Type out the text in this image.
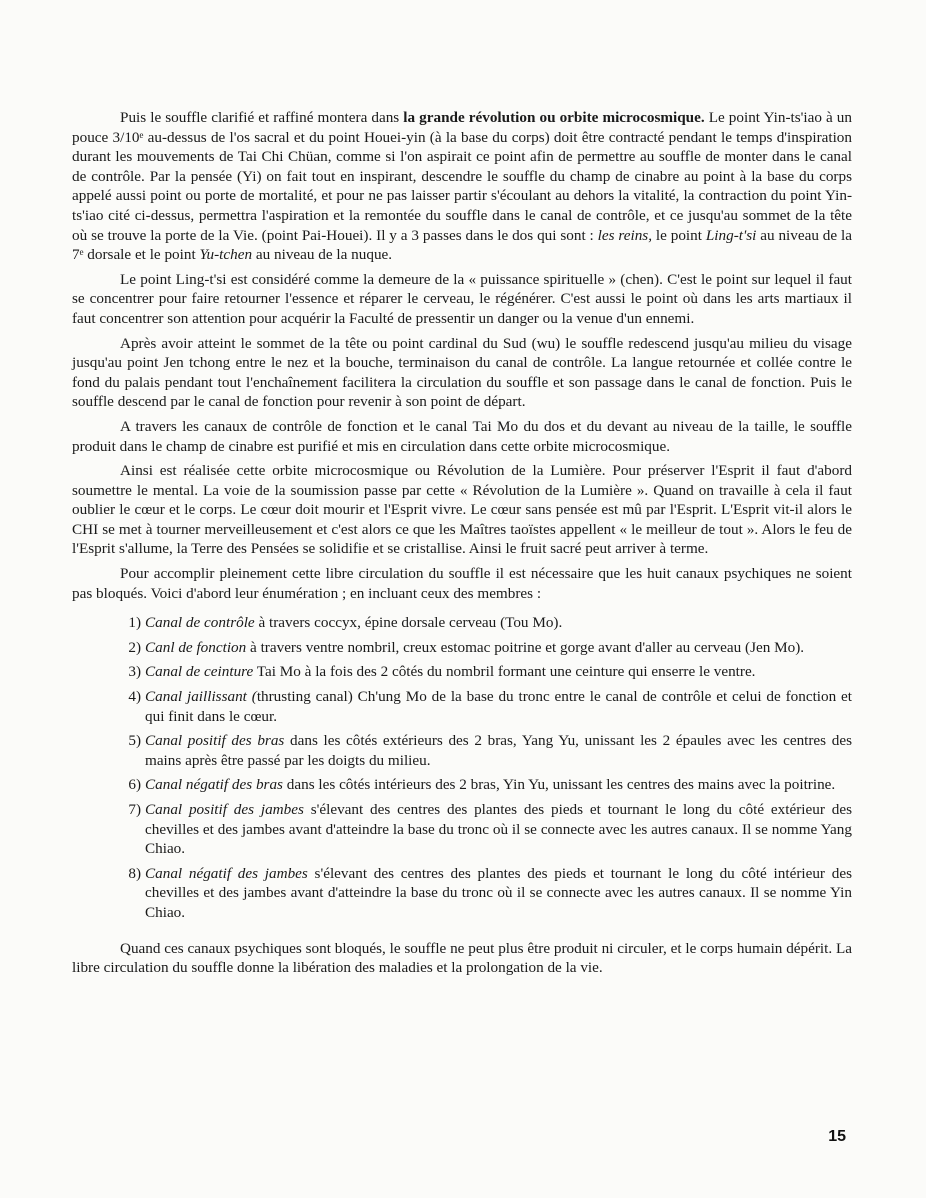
Puis le souffle clarifié et raffiné montera dans la grande révolution ou orbite microcosmique. Le point Yin-ts'iao à un pouce 3/10ᵉ au-dessus de l'os sacral et du point Houei-yin (à la base du corps) doit être contracté pendant le temps d'inspiration durant les mouvements de Tai Chi Chüan, comme si l'on aspirait ce point afin de permettre au souffle de monter dans le canal de contrôle. Par la pensée (Yi) on fait tout en inspirant, descendre le souffle du champ de cinabre au point à la base du corps appelé aussi point ou porte de mortalité, et pour ne pas laisser partir s'écoulant au dehors la vitalité, la contraction du point Yin-ts'iao cité ci-dessus, permettra l'aspiration et la remontée du souffle dans le canal de contrôle, et ce jusqu'au sommet de la tête où se trouve la porte de la Vie. (point Pai-Houei). Il y a 3 passes dans le dos qui sont : les reins, le point Ling-t'si au niveau de la 7ᵉ dorsale et le point Yu-tchen au niveau de la nuque.

Le point Ling-t'si est considéré comme la demeure de la « puissance spirituelle » (chen). C'est le point sur lequel il faut se concentrer pour faire retourner l'essence et réparer le cerveau, le régénérer. C'est aussi le point où dans les arts martiaux il faut concentrer son attention pour acquérir la Faculté de pressentir un danger ou la venue d'un ennemi.

Après avoir atteint le sommet de la tête ou point cardinal du Sud (wu) le souffle redescend jusqu'au milieu du visage jusqu'au point Jen tchong entre le nez et la bouche, terminaison du canal de contrôle. La langue retournée et collée contre le fond du palais pendant tout l'enchaînement facilitera la circulation du souffle et son passage dans le canal de fonction. Puis le souffle descend par le canal de fonction pour revenir à son point de départ.

A travers les canaux de contrôle de fonction et le canal Tai Mo du dos et du devant au niveau de la taille, le souffle produit dans le champ de cinabre est purifié et mis en circulation dans cette orbite microcosmique.

Ainsi est réalisée cette orbite microcosmique ou Révolution de la Lumière. Pour préserver l'Esprit il faut d'abord soumettre le mental. La voie de la soumission passe par cette « Révolution de la Lumière ». Quand on travaille à cela il faut oublier le cœur et le corps. Le cœur doit mourir et l'Esprit vivre. Le cœur sans pensée est mû par l'Esprit. L'Esprit vit-il alors le CHI se met à tourner merveilleusement et c'est alors ce que les Maîtres taoïstes appellent « le meilleur de tout ». Alors le feu de l'Esprit s'allume, la Terre des Pensées se solidifie et se cristallise. Ainsi le fruit sacré peut arriver à terme.

Pour accomplir pleinement cette libre circulation du souffle il est nécessaire que les huit canaux psychiques ne soient pas bloqués. Voici d'abord leur énumération ; en incluant ceux des membres :

1) Canal de contrôle à travers coccyx, épine dorsale cerveau (Tou Mo).
2) Canl de fonction à travers ventre nombril, creux estomac poitrine et gorge avant d'aller au cerveau (Jen Mo).
3) Canal de ceinture Tai Mo à la fois des 2 côtés du nombril formant une ceinture qui enserre le ventre.
4) Canal jaillissant (thrusting canal) Ch'ung Mo de la base du tronc entre le canal de contrôle et celui de fonction et qui finit dans le cœur.
5) Canal positif des bras dans les côtés extérieurs des 2 bras, Yang Yu, unissant les 2 épaules avec les centres des mains après être passé par les doigts du milieu.
6) Canal négatif des bras dans les côtés intérieurs des 2 bras, Yin Yu, unissant les centres des mains avec la poitrine.
7) Canal positif des jambes s'élevant des centres des plantes des pieds et tournant le long du côté extérieur des chevilles et des jambes avant d'atteindre la base du tronc où il se connecte avec les autres canaux. Il se nomme Yang Chiao.
8) Canal négatif des jambes s'élevant des centres des plantes des pieds et tournant le long du côté intérieur des chevilles et des jambes avant d'atteindre la base du tronc où il se connecte avec les autres canaux. Il se nomme Yin Chiao.

Quand ces canaux psychiques sont bloqués, le souffle ne peut plus être produit ni circuler, et le corps humain dépérit. La libre circulation du souffle donne la libération des maladies et la prolongation de la vie.

15
